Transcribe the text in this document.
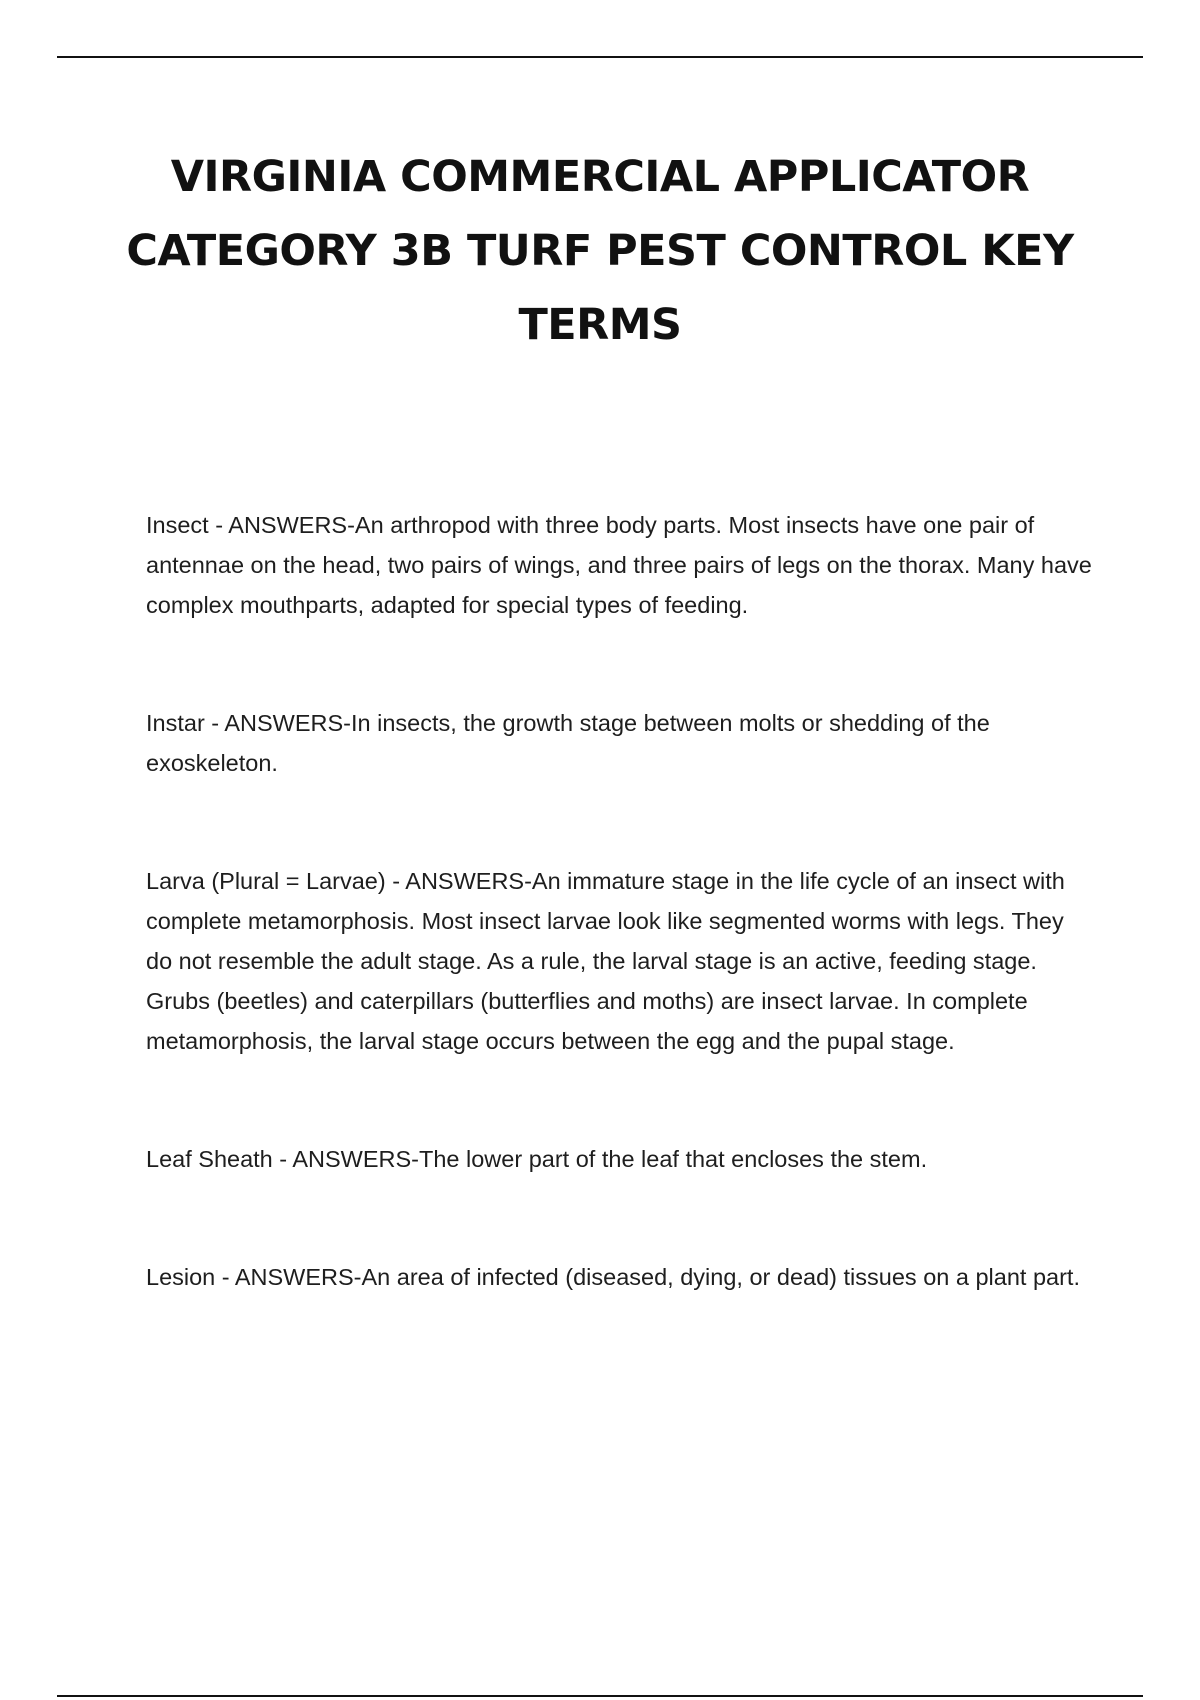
VIRGINIA COMMERCIAL APPLICATOR CATEGORY 3B TURF PEST CONTROL KEY TERMS

Insect - ANSWERS-An arthropod with three body parts. Most insects have one pair of antennae on the head, two pairs of wings, and three pairs of legs on the thorax. Many have complex mouthparts, adapted for special types of feeding.

Instar - ANSWERS-In insects, the growth stage between molts or shedding of the exoskeleton.

Larva (Plural = Larvae) - ANSWERS-An immature stage in the life cycle of an insect with complete metamorphosis. Most insect larvae look like segmented worms with legs. They do not resemble the adult stage. As a rule, the larval stage is an active, feeding stage. Grubs (beetles) and caterpillars (butterflies and moths) are insect larvae. In complete metamorphosis, the larval stage occurs between the egg and the pupal stage.

Leaf Sheath - ANSWERS-The lower part of the leaf that encloses the stem.

Lesion - ANSWERS-An area of infected (diseased, dying, or dead) tissues on a plant part.
